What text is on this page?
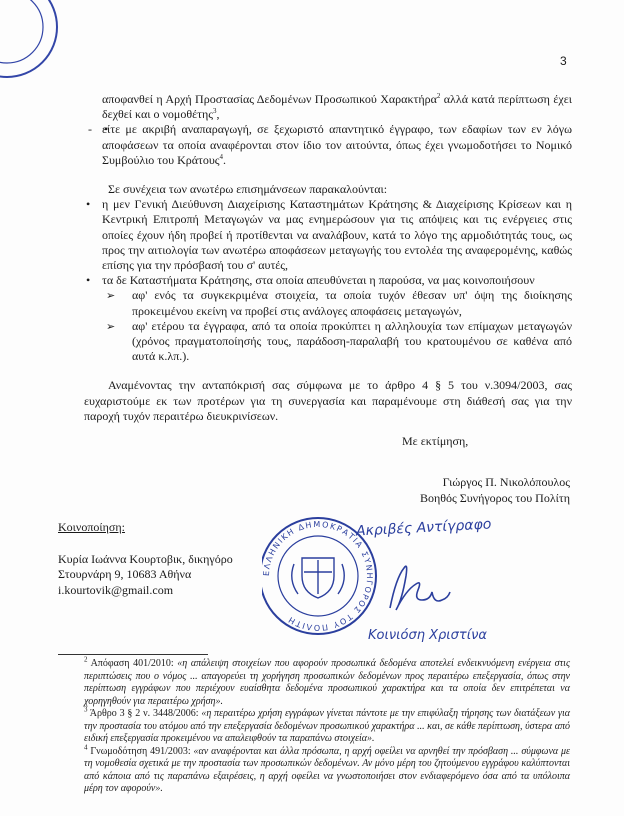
3

αποφανθεί η Αρχή Προστασίας Δεδομένων Προσωπικού Χαρακτήρα$^2$ αλλά κατά περίπτωση έχει δεχθεί και ο νομοθέτης$^3$,

• - είτε με ακριβή αναπαραγωγή, σε ξεχωριστό απαντητικό έγγραφο, των εδαφίων των εν λόγω αποφάσεων τα οποία αναφέρονται στον ίδιο τον αιτούντα, όπως έχει γνωμοδοτήσει το Νομικό Συμβούλιο του Κράτους$^4$.

Σε συνέχεια των ανωτέρω επισημάνσεων παρακαλούνται:

• η μεν Γενική Διεύθυνση Διαχείρισης Καταστημάτων Κράτησης & Διαχείρισης Κρίσεων και η Κεντρική Επιτροπή Μεταγωγών να μας ενημερώσουν για τις απόψεις και τις ενέργειες στις οποίες έχουν ήδη προβεί ή προτίθενται να αναλάβουν, κατά το λόγο της αρμοδιότητάς τους, ως προς την αιτιολογία των ανωτέρω αποφάσεων μεταγωγής του εντολέα της αναφερομένης, καθώς επίσης για την πρόσβασή του σ' αυτές,

• τα δε Καταστήματα Κράτησης, στα οποία απευθύνεται η παρούσα, να μας κοινοποιήσουν

➢ αφ' ενός τα συγκεκριμένα στοιχεία, τα οποία τυχόν έθεσαν υπ' όψη της διοίκησης προκειμένου εκείνη να προβεί στις ανάλογες αποφάσεις μεταγωγών,

➢ αφ' ετέρου τα έγγραφα, από τα οποία προκύπτει η αλληλουχία των επίμαχων μεταγωγών (χρόνος πραγματοποίησής τους, παράδοση-παραλαβή του κρατουμένου σε καθένα από αυτά κ.λπ.).

Αναμένοντας την ανταπόκρισή σας σύμφωνα με το άρθρο 4 § 5 του ν.3094/2003, σας ευχαριστούμε εκ των προτέρων για τη συνεργασία και παραμένουμε στη διάθεσή σας για την παροχή τυχόν περαιτέρω διευκρινίσεων.

Με εκτίμηση,
Γιώργος Π. Νικολόπουλος
Βοηθός Συνήγορος του Πολίτη
Κοινοποίηση:
Κυρία Ιωάννα Κουρτοβικ, δικηγόρο
Στουρνάρη 9, 10683 Αθήνα
i.kourtovik@gmail.com
ΕΛΛΗΝΙΚΗ ΔΗΜΟΚΡΑΤΙΑ ΣΥΝΗΓΟΡΟΣ ΤΟΥ ΠΟΛΙΤΗ
Ακριβές Αντίγραφο
Κοινιόση Χριστίνα

$^2$ Απόφαση 401/2010: «η απάλειψη στοιχείων που αφορούν προσωπικά δεδομένα αποτελεί ενδεικνυόμενη ενέργεια στις περιπτώσεις που ο νόμος ... απαγορεύει τη χορήγηση προσωπικών δεδομένων προς περαιτέρω επεξεργασία, όπως στην περίπτωση εγγράφων που περιέχουν ευαίσθητα δεδομένα προσωπικού χαρακτήρα και τα οποία δεν επιτρέπεται να χορηγηθούν για περαιτέρω χρήση».

$^3$ Άρθρο 3 § 2 ν. 3448/2006: «η περαιτέρω χρήση εγγράφων γίνεται πάντοτε με την επιφύλαξη τήρησης των διατάξεων για την προστασία του ατόμου από την επεξεργασία δεδομένων προσωπικού χαρακτήρα ... και, σε κάθε περίπτωση, ύστερα από ειδική επεξεργασία προκειμένου να απαλειφθούν τα παραπάνω στοιχεία».

$^4$ Γνωμοδότηση 491/2003: «αν αναφέρονται και άλλα πρόσωπα, η αρχή οφείλει να αρνηθεί την πρόσβαση ... σύμφωνα με τη νομοθεσία σχετικά με την προστασία των προσωπικών δεδομένων. Αν μόνο μέρη του ζητούμενου εγγράφου καλύπτονται από κάποια από τις παραπάνω εξαιρέσεις, η αρχή οφείλει να γνωστοποιήσει στον ενδιαφερόμενο όσα από τα υπόλοιπα μέρη τον αφορούν».
